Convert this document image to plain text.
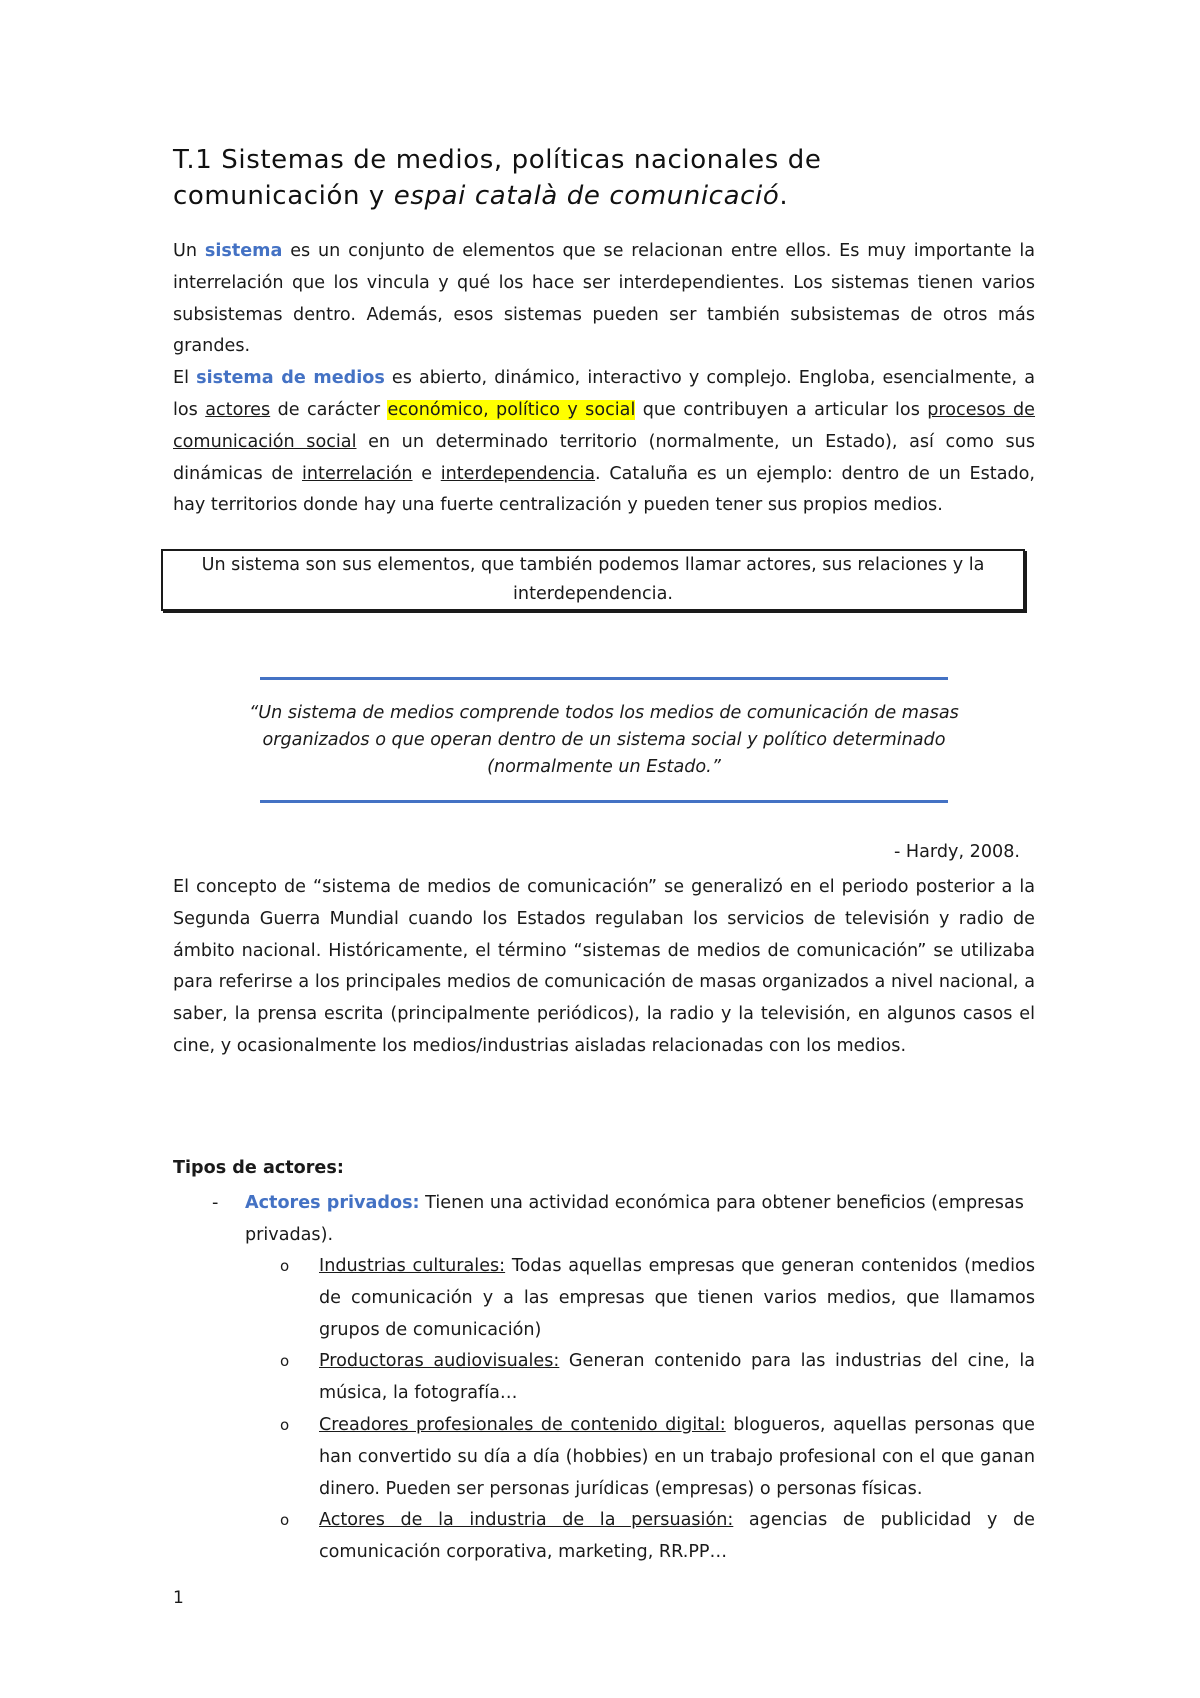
T.1 Sistemas de medios, políticas nacionales de
comunicación y espai català de comunicació.
Un sistema es un conjunto de elementos que se relacionan entre ellos. Es muy importante la interrelación que los vincula y qué los hace ser interdependientes. Los sistemas tienen varios subsistemas dentro. Además, esos sistemas pueden ser también subsistemas de otros más grandes.
El sistema de medios es abierto, dinámico, interactivo y complejo. Engloba, esencialmente, a los actores de carácter económico, político y social que contribuyen a articular los procesos de comunicación social en un determinado territorio (normalmente, un Estado), así como sus dinámicas de interrelación e interdependencia. Cataluña es un ejemplo: dentro de un Estado, hay territorios donde hay una fuerte centralización y pueden tener sus propios medios.
Un sistema son sus elementos, que también podemos llamar actores, sus relaciones y la interdependencia.
“Un sistema de medios comprende todos los medios de comunicación de masas organizados o que operan dentro de un sistema social y político determinado (normalmente un Estado.”
- Hardy, 2008.
El concepto de “sistema de medios de comunicación” se generalizó en el periodo posterior a la Segunda Guerra Mundial cuando los Estados regulaban los servicios de televisión y radio de ámbito nacional. Históricamente, el término “sistemas de medios de comunicación” se utilizaba para referirse a los principales medios de comunicación de masas organizados a nivel nacional, a saber, la prensa escrita (principalmente periódicos), la radio y la televisión, en algunos casos el cine, y ocasionalmente los medios/industrias aisladas relacionadas con los medios.
Tipos de actores:
- Actores privados: Tienen una actividad económica para obtener beneficios (empresas privadas).
o Industrias culturales: Todas aquellas empresas que generan contenidos (medios de comunicación y a las empresas que tienen varios medios, que llamamos grupos de comunicación)
o Productoras audiovisuales: Generan contenido para las industrias del cine, la música, la fotografía…
o Creadores profesionales de contenido digital: blogueros, aquellas personas que han convertido su día a día (hobbies) en un trabajo profesional con el que ganan dinero. Pueden ser personas jurídicas (empresas) o personas físicas.
o Actores de la industria de la persuasión: agencias de publicidad y de comunicación corporativa, marketing, RR.PP…
1
